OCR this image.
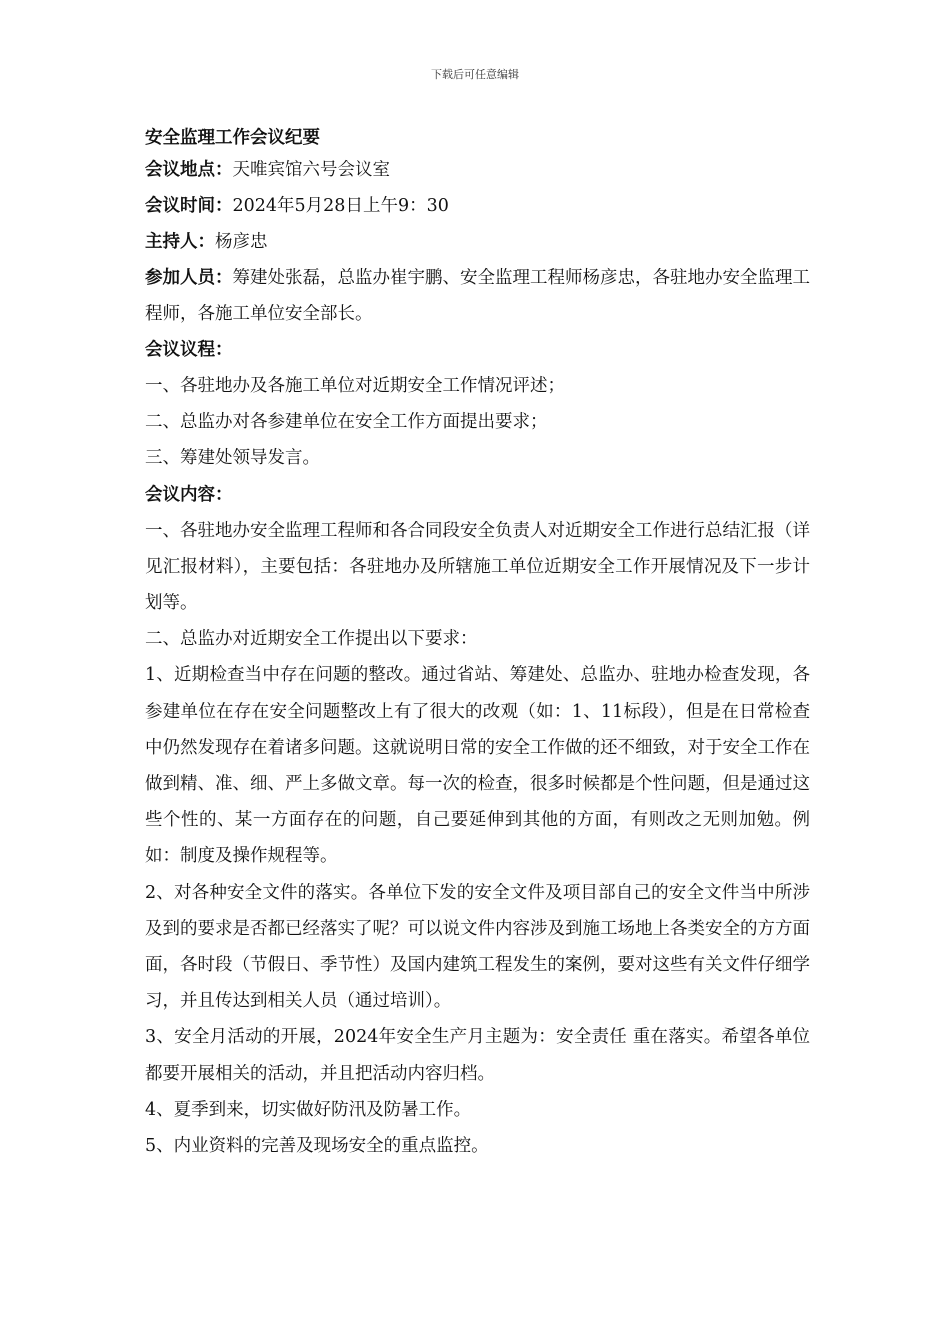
下载后可任意编辑

安全监理工作会议纪要

会议地点：天唯宾馆六号会议室

会议时间：2024年5月28日上午9：30

主持人：杨彦忠

参加人员：筹建处张磊，总监办崔宇鹏、安全监理工程师杨彦忠，各驻地办安全监理工程师，各施工单位安全部长。

会议议程：

一、各驻地办及各施工单位对近期安全工作情况评述；

二、总监办对各参建单位在安全工作方面提出要求；

三、筹建处领导发言。

会议内容：

一、各驻地办安全监理工程师和各合同段安全负责人对近期安全工作进行总结汇报（详见汇报材料），主要包括：各驻地办及所辖施工单位近期安全工作开展情况及下一步计划等。

二、总监办对近期安全工作提出以下要求：

1、近期检查当中存在问题的整改。通过省站、筹建处、总监办、驻地办检查发现，各参建单位在存在安全问题整改上有了很大的改观（如：1、11标段），但是在日常检查中仍然发现存在着诸多问题。这就说明日常的安全工作做的还不细致，对于安全工作在做到精、准、细、严上多做文章。每一次的检查，很多时候都是个性问题，但是通过这些个性的、某一方面存在的问题，自己要延伸到其他的方面，有则改之无则加勉。例如：制度及操作规程等。

2、对各种安全文件的落实。各单位下发的安全文件及项目部自己的安全文件当中所涉及到的要求是否都已经落实了呢？可以说文件内容涉及到施工场地上各类安全的方方面面，各时段（节假日、季节性）及国内建筑工程发生的案例，要对这些有关文件仔细学习，并且传达到相关人员（通过培训）。

3、安全月活动的开展，2024年安全生产月主题为：安全责任 重在落实。希望各单位都要开展相关的活动，并且把活动内容归档。

4、夏季到来，切实做好防汛及防暑工作。

5、内业资料的完善及现场安全的重点监控。
